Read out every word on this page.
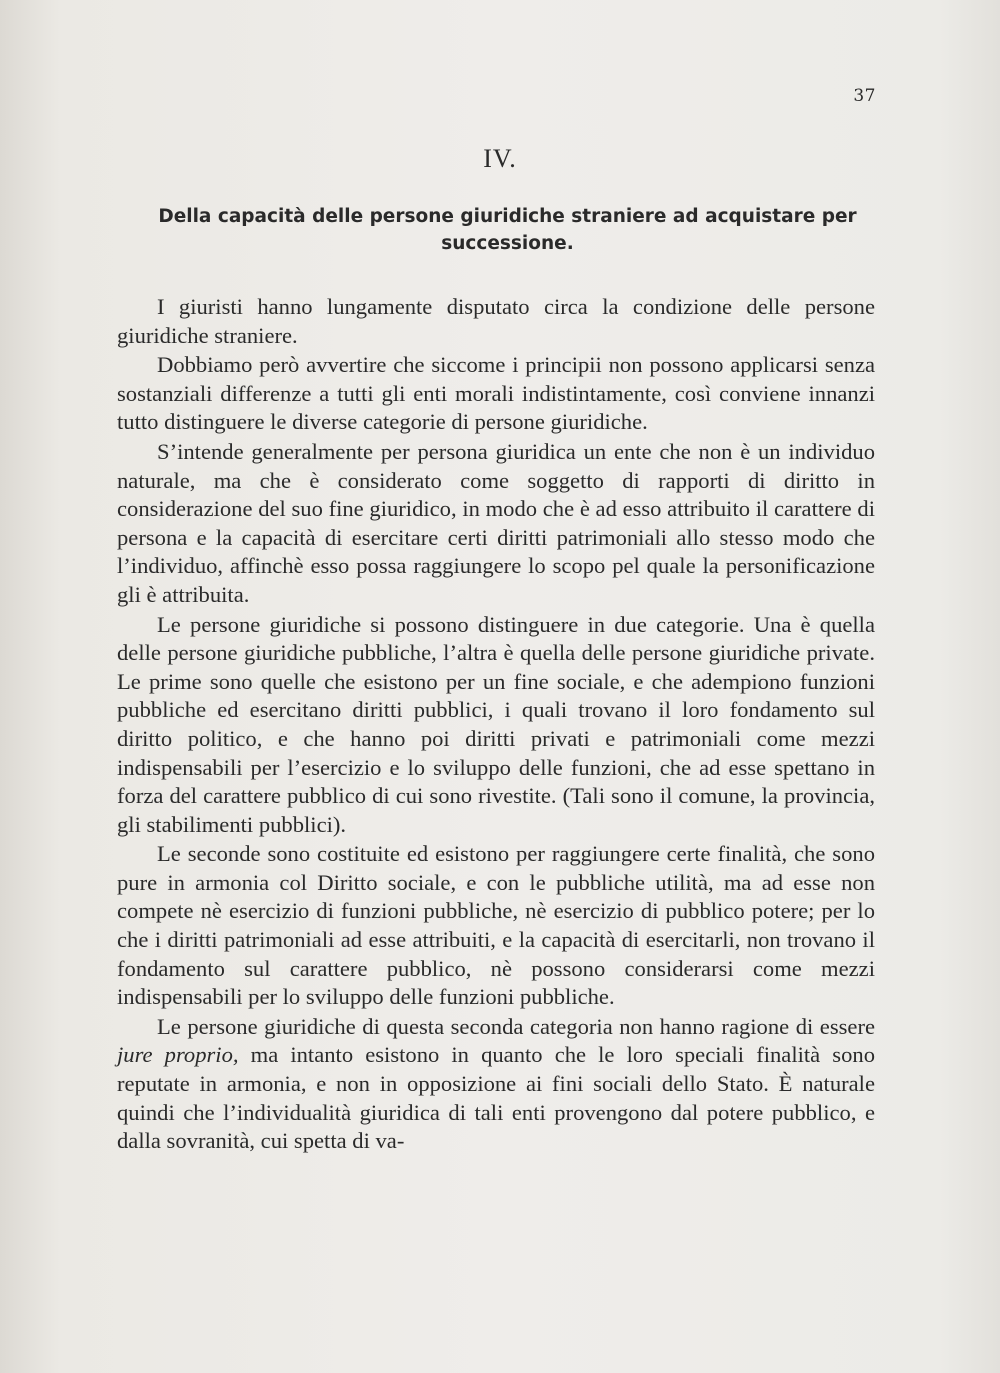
37
IV.
Della capacità delle persone giuridiche straniere ad acquistare per successione.

I giuristi hanno lungamente disputato circa la condizione delle persone giuridiche straniere.

Dobbiamo però avvertire che siccome i principii non possono applicarsi senza sostanziali differenze a tutti gli enti morali indistintamente, così conviene innanzi tutto distinguere le diverse categorie di persone giuridiche.

S’intende generalmente per persona giuridica un ente che non è un individuo naturale, ma che è considerato come soggetto di rapporti di diritto in considerazione del suo fine giuridico, in modo che è ad esso attribuito il carattere di persona e la capacità di esercitare certi diritti patrimoniali allo stesso modo che l’individuo, affinchè esso possa raggiungere lo scopo pel quale la personificazione gli è attribuita.

Le persone giuridiche si possono distinguere in due categorie. Una è quella delle persone giuridiche pubbliche, l’altra è quella delle persone giuridiche private. Le prime sono quelle che esistono per un fine sociale, e che adempiono funzioni pubbliche ed esercitano diritti pubblici, i quali trovano il loro fondamento sul diritto politico, e che hanno poi diritti privati e patrimoniali come mezzi indispensabili per l’esercizio e lo sviluppo delle funzioni, che ad esse spettano in forza del carattere pubblico di cui sono rivestite. (Tali sono il comune, la provincia, gli stabilimenti pubblici).

Le seconde sono costituite ed esistono per raggiungere certe finalità, che sono pure in armonia col Diritto sociale, e con le pubbliche utilità, ma ad esse non compete nè esercizio di funzioni pubbliche, nè esercizio di pubblico potere; per lo che i diritti patrimoniali ad esse attribuiti, e la capacità di esercitarli, non trovano il fondamento sul carattere pubblico, nè possono considerarsi come mezzi indispensabili per lo sviluppo delle funzioni pubbliche.

Le persone giuridiche di questa seconda categoria non hanno ragione di essere jure proprio, ma intanto esistono in quanto che le loro speciali finalità sono reputate in armonia, e non in opposizione ai fini sociali dello Stato. È naturale quindi che l’individualità giuridica di tali enti provengono dal potere pubblico, e dalla sovranità, cui spetta di va-
